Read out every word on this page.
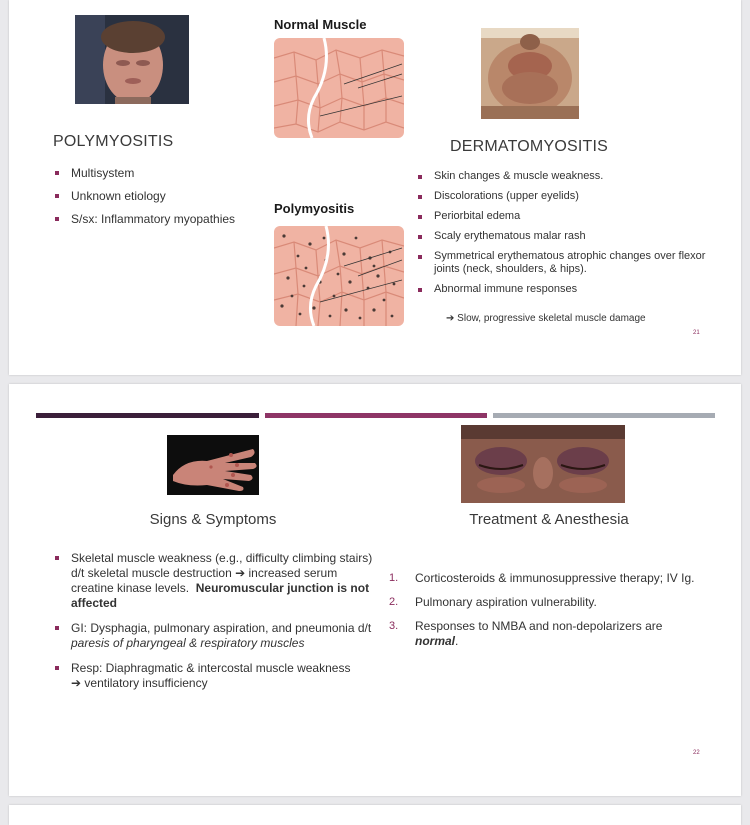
POLYMYOSITIS
Multisystem
Unknown etiology
S/sx: Inflammatory myopathies
Normal Muscle
Polymyositis
DERMATOMYOSITIS
Skin changes & muscle weakness.
Discolorations (upper eyelids)
Periorbital edema
Scaly erythematous malar rash
Symmetrical erythematous atrophic changes over flexor joints (neck, shoulders, & hips).
Abnormal immune responses
➔ Slow, progressive skeletal muscle damage
21
Signs & Symptoms	Treatment & Anesthesia
Skeletal muscle weakness (e.g., difficulty climbing stairs) d/t skeletal muscle destruction ➔ increased serum creatine kinase levels. Neuromuscular junction is not affected
GI: Dysphagia, pulmonary aspiration, and pneumonia d/t paresis of pharyngeal & respiratory muscles
Resp: Diaphragmatic & intercostal muscle weakness
➔ ventilatory insufficiency
1. Corticosteroids & immunosuppressive therapy; IV Ig.
2. Pulmonary aspiration vulnerability.
3. Responses to NMBA and non-depolarizers are normal.
22
